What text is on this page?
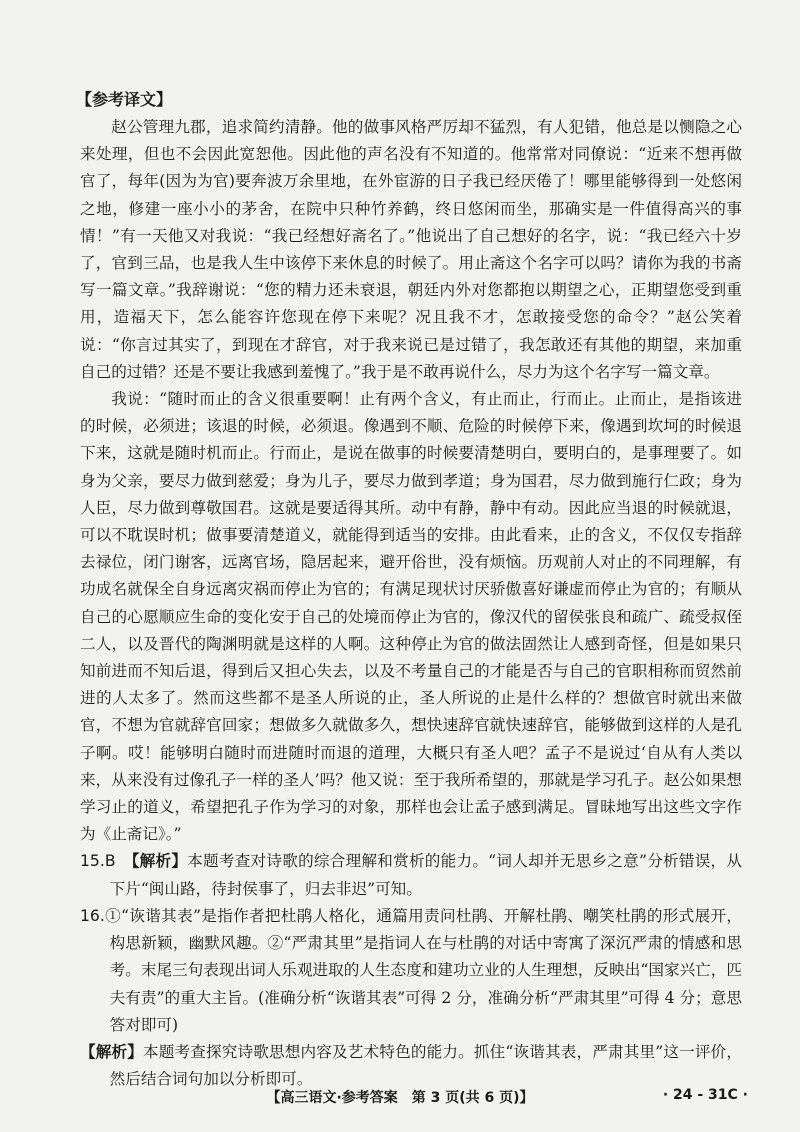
【参考译文】

赵公管理九郡，追求简约清静。他的做事风格严厉却不猛烈，有人犯错，他总是以恻隐之心来处理，但也不会因此宽恕他。因此他的声名没有不知道的。他常常对同僚说：“近来不想再做官了，每年(因为为官)要奔波万余里地，在外宦游的日子我已经厌倦了！哪里能够得到一处悠闲之地，修建一座小小的茅舍，在院中只种竹养鹤，终日悠闲而坐，那确实是一件值得高兴的事情！”有一天他又对我说：“我已经想好斋名了。”他说出了自己想好的名字，说：“我已经六十岁了，官到三品，也是我人生中该停下来休息的时候了。用止斋这个名字可以吗？请你为我的书斋写一篇文章。”我辞谢说：“您的精力还未衰退，朝廷内外对您都抱以期望之心，正期望您受到重用，造福天下，怎么能容许您现在停下来呢？况且我不才，怎敢接受您的命令？”赵公笑着说：“你言过其实了，到现在才辞官，对于我来说已是过错了，我怎敢还有其他的期望，来加重自己的过错？还是不要让我感到羞愧了。”我于是不敢再说什么，尽力为这个名字写一篇文章。

我说：“随时而止的含义很重要啊！止有两个含义，有止而止，行而止。止而止，是指该进的时候，必须进；该退的时候，必须退。像遇到不顺、危险的时候停下来，像遇到坎坷的时候退下来，这就是随时机而止。行而止，是说在做事的时候要清楚明白，要明白的，是事理要了。如身为父亲，要尽力做到慈爱；身为儿子，要尽力做到孝道；身为国君，尽力做到施行仁政；身为人臣，尽力做到尊敬国君。这就是要适得其所。动中有静，静中有动。因此应当退的时候就退，可以不耽误时机；做事要清楚道义，就能得到适当的安排。由此看来，止的含义，不仅仅专指辞去禄位，闭门谢客，远离官场，隐居起来，避开俗世，没有烦恼。历观前人对止的不同理解，有功成名就保全自身远离灾祸而停止为官的；有满足现状讨厌骄傲喜好谦虚而停止为官的；有顺从自己的心愿顺应生命的变化安于自己的处境而停止为官的，像汉代的留侯张良和疏广、疏受叔侄二人，以及晋代的陶渊明就是这样的人啊。这种停止为官的做法固然让人感到奇怪，但是如果只知前进而不知后退，得到后又担心失去，以及不考量自己的才能是否与自己的官职相称而贸然前进的人太多了。然而这些都不是圣人所说的止，圣人所说的止是什么样的？想做官时就出来做官，不想为官就辞官回家；想做多久就做多久，想快速辞官就快速辞官，能够做到这样的人是孔子啊。哎！能够明白随时而进随时而退的道理，大概只有圣人吧？孟子不是说过‘自从有人类以来，从来没有过像孔子一样的圣人’吗？他又说：至于我所希望的，那就是学习孔子。赵公如果想学习止的道义，希望把孔子作为学习的对象，那样也会让孟子感到满足。冒昧地写出这些文字作为《止斋记》。”

15.B　 【解析】本题考查对诗歌的综合理解和赏析的能力。“词人却并无思乡之意”分析错误，从下片“闽山路，待封侯事了，归去非迟”可知。

16.①“诙谐其表”是指作者把杜鹃人格化，通篇用责问杜鹃、开解杜鹃、嘲笑杜鹃的形式展开，构思新颖，幽默风趣。②“严肃其里”是指词人在与杜鹃的对话中寄寓了深沉严肃的情感和思考。末尾三句表现出词人乐观进取的人生态度和建功立业的人生理想，反映出“国家兴亡，匹夫有责”的重大主旨。(准确分析“诙谐其表”可得 2 分，准确分析“严肃其里”可得 4 分；意思答对即可)

【解析】本题考查探究诗歌思想内容及艺术特色的能力。抓住“诙谐其表，严肃其里”这一评价，然后结合词句加以分析即可。

【高三语文·参考答案　第 3 页(共 6 页)】	· 24 - 31C ·
